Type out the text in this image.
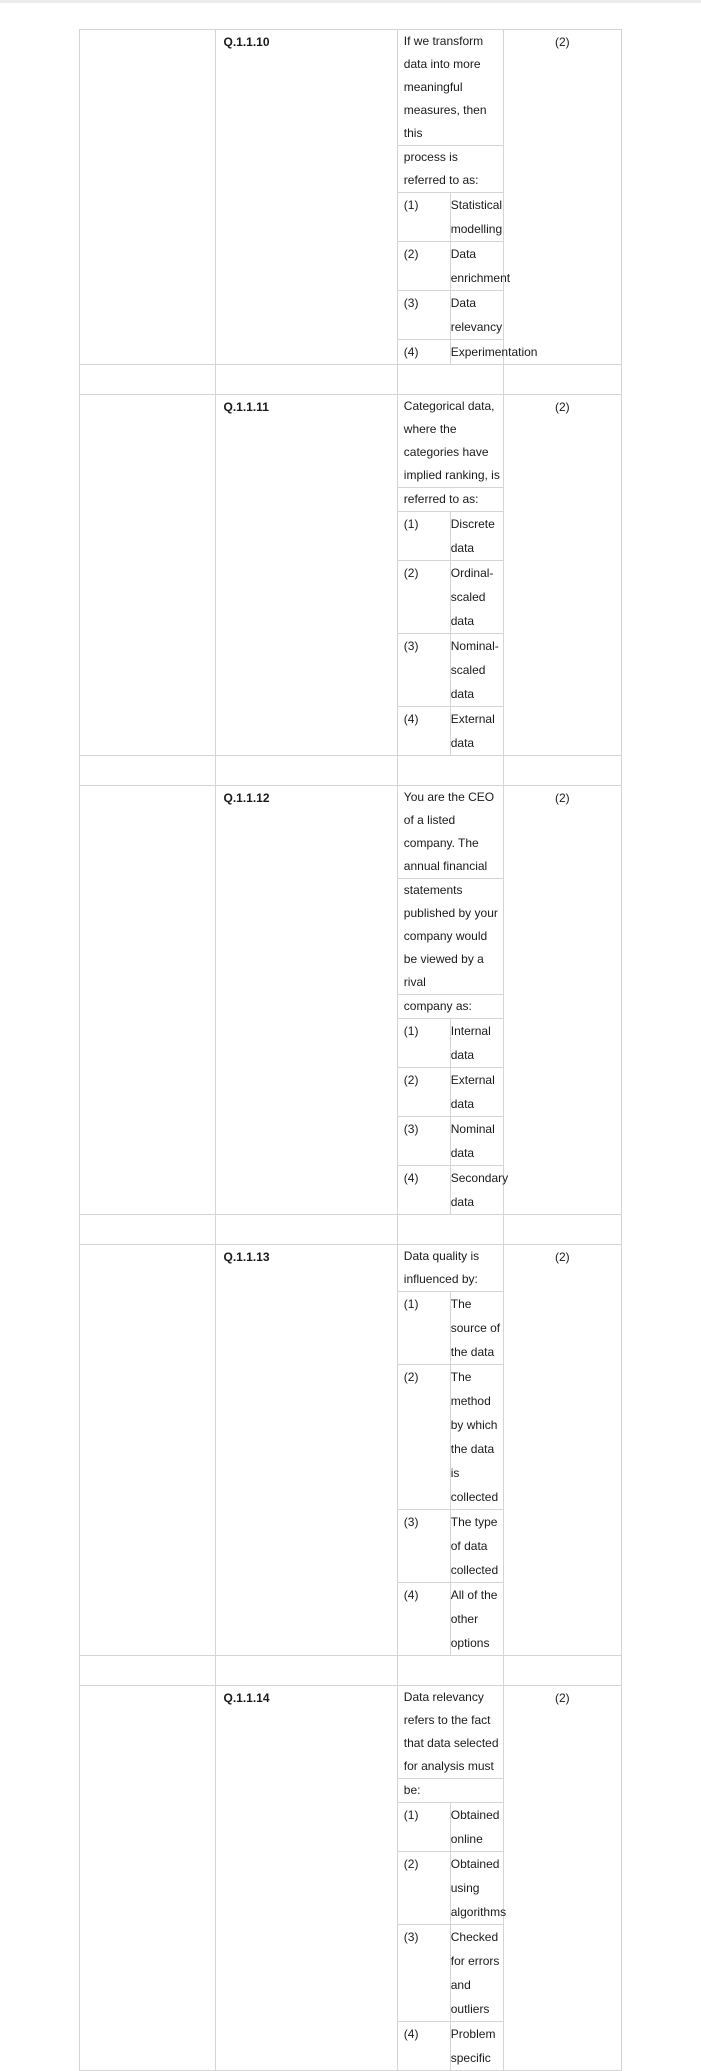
	Q.1.1.10	If we transform data into more meaningful measures, then this		(2)
		process is referred to as:		
		(1)	Statistical modelling	
		(2)	Data enrichment	
		(3)	Data relevancy	
		(4)	Experimentation	

	Q.1.1.11	Categorical data, where the categories have implied ranking, is		(2)
		referred to as:		
		(1)	Discrete data	
		(2)	Ordinal-scaled data	
		(3)	Nominal-scaled data	
		(4)	External data	

	Q.1.1.12	You are the CEO of a listed company. The annual financial		(2)
		statements published by your company would be viewed by a rival		
		company as:		
		(1)	Internal data	
		(2)	External data	
		(3)	Nominal data	
		(4)	Secondary data	

	Q.1.1.13	Data quality is influenced by:		(2)
		(1)	The source of the data	
		(2)	The method by which the data is collected	
		(3)	The type of data collected	
		(4)	All of the other options	

	Q.1.1.14	Data relevancy refers to the fact that data selected for analysis must		(2)
		be:		
		(1)	Obtained online	
		(2)	Obtained using algorithms	
		(3)	Checked for errors and outliers	
		(4)	Problem specific	
